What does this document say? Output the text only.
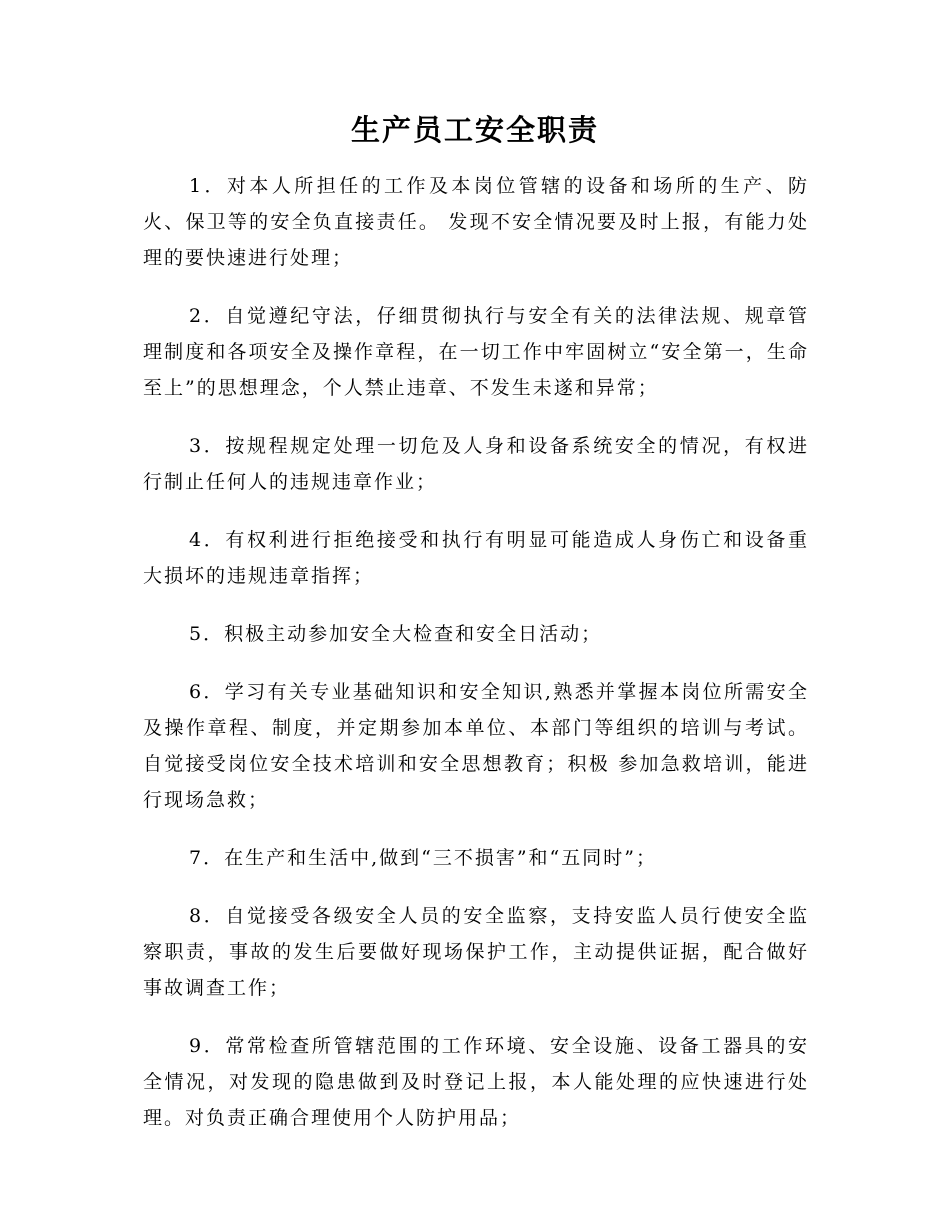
生产员工安全职责

1．对本人所担任的工作及本岗位管辖的设备和场所的生产、防火、保卫等的安全负直接责任。 发现不安全情况要及时上报，有能力处理的要快速进行处理；

2．自觉遵纪守法，仔细贯彻执行与安全有关的法律法规、规章管理制度和各项安全及操作章程，在一切工作中牢固树立“安全第一，生命至上”的思想理念，个人禁止违章、不发生未遂和异常；

3．按规程规定处理一切危及人身和设备系统安全的情况，有权进行制止任何人的违规违章作业；

4．有权利进行拒绝接受和执行有明显可能造成人身伤亡和设备重大损坏的违规违章指挥；

5．积极主动参加安全大检查和安全日活动；

6．学习有关专业基础知识和安全知识,熟悉并掌握本岗位所需安全及操作章程、制度，并定期参加本单位、本部门等组织的培训与考试。自觉接受岗位安全技术培训和安全思想教育；积极 参加急救培训，能进行现场急救；

7．在生产和生活中,做到“三不损害”和“五同时”；

8．自觉接受各级安全人员的安全监察，支持安监人员行使安全监察职责，事故的发生后要做好现场保护工作，主动提供证据，配合做好事故调查工作；

9．常常检查所管辖范围的工作环境、安全设施、设备工器具的安全情况，对发现的隐患做到及时登记上报，本人能处理的应快速进行处理。对负责正确合理使用个人防护用品；
